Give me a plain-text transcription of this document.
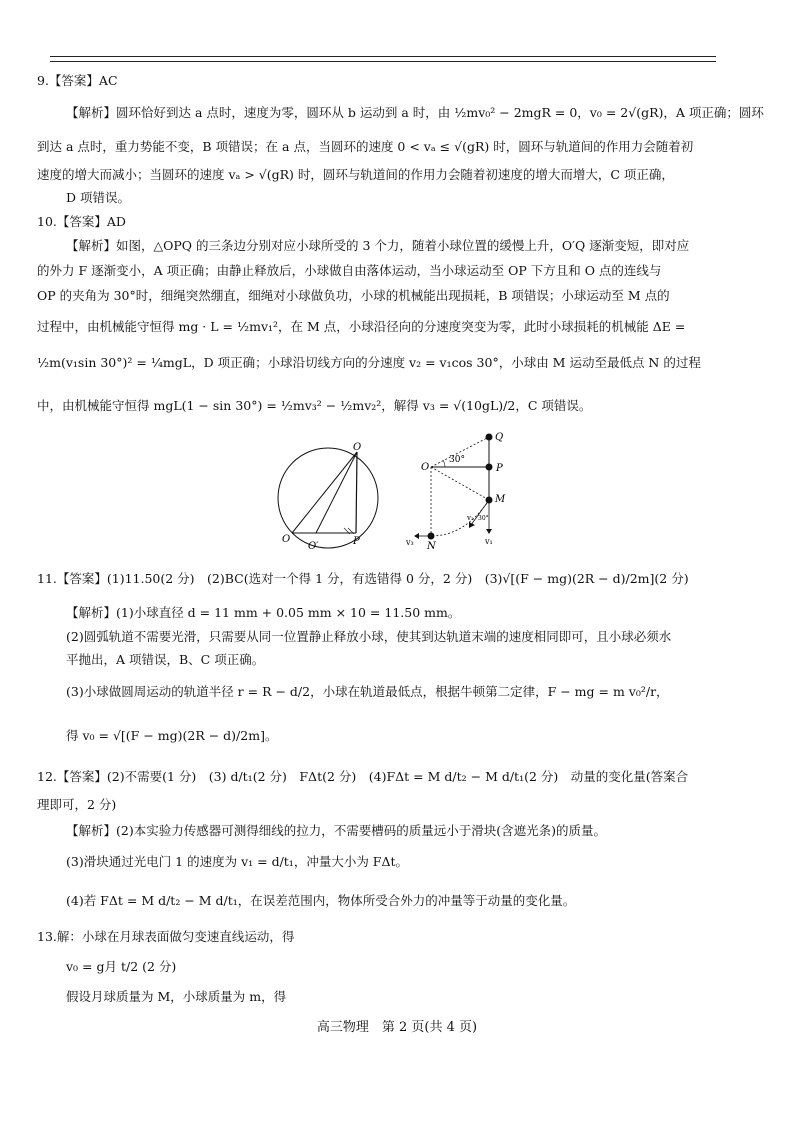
9.【答案】AC
【解析】圆环恰好到达 a 点时，速度为零，圆环从 b 运动到 a 时，由 ½mv₀² − 2mgR = 0，v₀ = 2√(gR)，A 项正确；圆环
到达 a 点时，重力势能不变，B 项错误；在 a 点，当圆环的速度 0 < vₐ ≤ √(gR) 时，圆环与轨道间的作用力会随着初
速度的增大而减小；当圆环的速度 vₐ > √(gR) 时，圆环与轨道间的作用力会随着初速度的增大而增大，C 项正确，
D 项错误。
10.【答案】AD
【解析】如图，△OPQ 的三条边分别对应小球所受的 3 个力，随着小球位置的缓慢上升，O′Q 逐渐变短，即对应
的外力 F 逐渐变小，A 项正确；由静止释放后，小球做自由落体运动，当小球运动至 OP 下方且和 O 点的连线与
OP 的夹角为 30°时，细绳突然绷直，细绳对小球做负功，小球的机械能出现损耗，B 项错误；小球运动至 M 点的
过程中，由机械能守恒得 mg · L = ½mv₁²，在 M 点，小球沿径向的分速度突变为零，此时小球损耗的机械能 ΔE =
½m(v₁sin 30°)² = ¼mgL，D 项正确；小球沿切线方向的分速度 v₂ = v₁cos 30°，小球由 M 运动至最低点 N 的过程
中，由机械能守恒得 mgL(1 − sin 30°) = ½mv₃² − ½mv₂²，解得 v₃ = √(10gL)/2，C 项错误。
O
O
O′	P
Q
O
30°
P
M
v₂ 30°
v₁
N
v₃
11.【答案】(1)11.50(2 分)　(2)BC(选对一个得 1 分，有选错得 0 分，2 分)　(3)√[(F − mg)(2R − d)/2m](2 分)
【解析】(1)小球直径 d = 11 mm + 0.05 mm × 10 = 11.50 mm。
(2)圆弧轨道不需要光滑，只需要从同一位置静止释放小球，使其到达轨道末端的速度相同即可，且小球必须水
平抛出，A 项错误，B、C 项正确。
(3)小球做圆周运动的轨道半径 r = R − d/2，小球在轨道最低点，根据牛顿第二定律，F − mg = m v₀²/r，
得 v₀ = √[(F − mg)(2R − d)/2m]。
12.【答案】(2)不需要(1 分)　(3) d/t₁(2 分)　FΔt(2 分)　(4)FΔt = M d/t₂ − M d/t₁(2 分)　动量的变化量(答案合
理即可，2 分)
【解析】(2)本实验力传感器可测得细线的拉力，不需要槽码的质量远小于滑块(含遮光条)的质量。
(3)滑块通过光电门 1 的速度为 v₁ = d/t₁，冲量大小为 FΔt。
(4)若 FΔt = M d/t₂ − M d/t₁，在误差范围内，物体所受合外力的冲量等于动量的变化量。
13.解：小球在月球表面做匀变速直线运动，得
v₀ = g月 t/2 (2 分)
假设月球质量为 M，小球质量为 m，得
高三物理　第 2 页(共 4 页)
